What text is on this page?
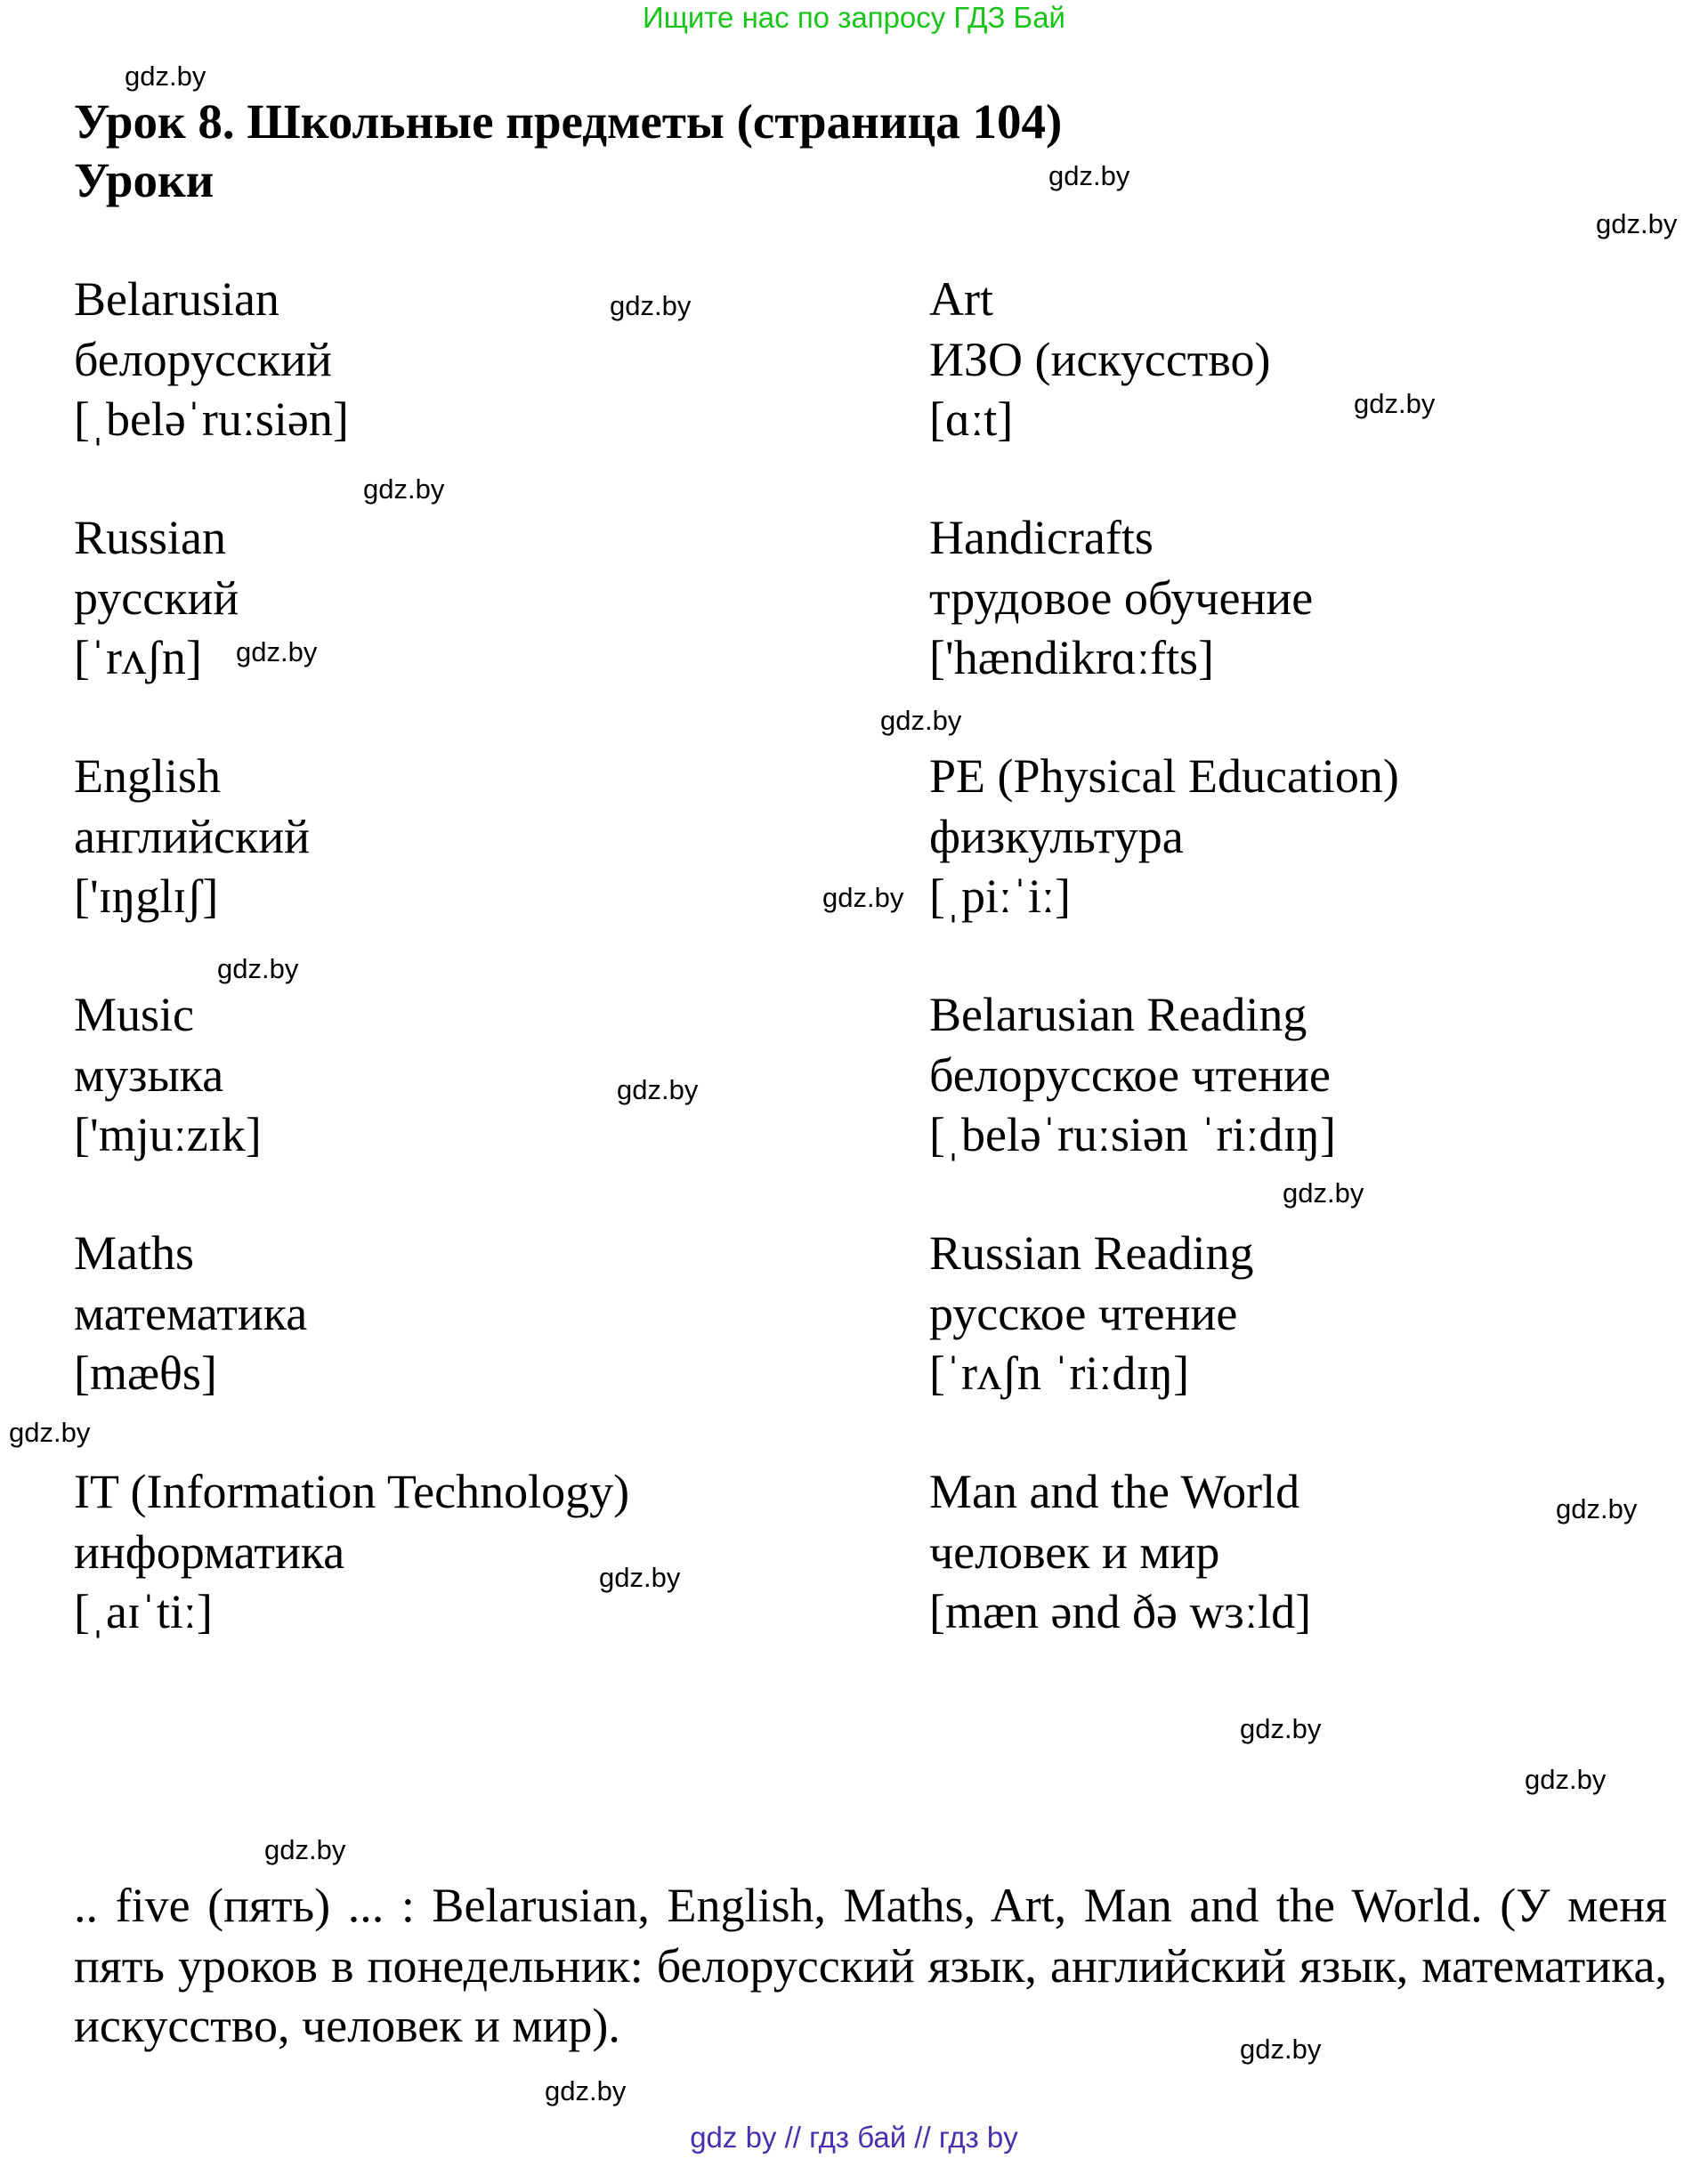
Ищите нас по запросу ГДЗ Бай
Урок 8. Школьные предметы (страница 104)
Уроки
Belarusian
белорусский
[ˌbeləˈruːsiən]
Russian
русский
[ˈrʌʃn]
English
английский
['ɪŋglɪʃ]
Music
музыка
['mjuːzɪk]
Maths
математика
[mæθs]
IT (Information Technology)
информатика
[ˌaɪˈtiː]
Art
ИЗО (искусство)
[ɑːt]
Handicrafts
трудовое обучение
['hændikrɑːfts]
PE (Physical Education)
физкультура
[ˌpiːˈiː]
Belarusian Reading
белорусское чтение
[ˌbeləˈruːsiən ˈriːdɪŋ]
Russian Reading
русское чтение
[ˈrʌʃn ˈriːdɪŋ]
Man and the World
человек и мир
[mæn ənd ðə wɜːld]
.. five (пять) ... : Belarusian, English, Maths, Art, Man and the World. (У меня пять уроков в понедельник: белорусский язык, английский язык, математика, искусство, человек и мир).
gdz.by
gdz.by
gdz.by
gdz.by
gdz.by
gdz.by
gdz.by
gdz.by
gdz.by
gdz.by
gdz.by
gdz.by
gdz.by
gdz.by
gdz.by
gdz.by
gdz.by
gdz.by
gdz.by
gdz.by
gdz by // гдз бай // гдз by
